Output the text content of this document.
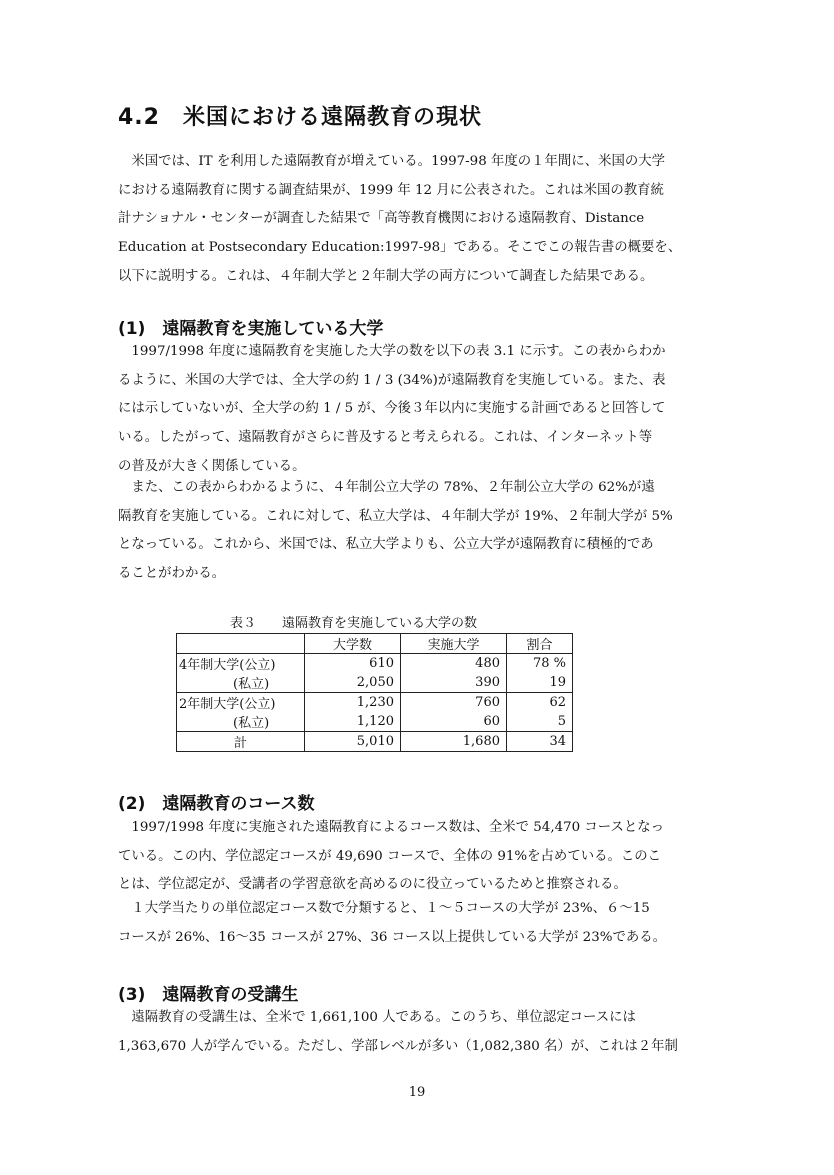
4.2　米国における遠隔教育の現状
　米国では、IT を利用した遠隔教育が増えている。1997-98 年度の１年間に、米国の大学
における遠隔教育に関する調査結果が、1999 年 12 月に公表された。これは米国の教育統
計ナショナル・センターが調査した結果で「高等教育機関における遠隔教育、Distance
Education at Postsecondary Education:1997-98」である。そこでこの報告書の概要を、
以下に説明する。これは、４年制大学と２年制大学の両方について調査した結果である。
(1)　遠隔教育を実施している大学
　1997/1998 年度に遠隔教育を実施した大学の数を以下の表 3.1 に示す。この表からわか
るように、米国の大学では、全大学の約 1 / 3 (34%)が遠隔教育を実施している。また、表
には示していないが、全大学の約 1 / 5 が、今後３年以内に実施する計画であると回答して
いる。したがって、遠隔教育がさらに普及すると考えられる。これは、インターネット等
の普及が大きく関係している。
　また、この表からわかるように、４年制公立大学の 78%、２年制公立大学の 62%が遠
隔教育を実施している。これに対して、私立大学は、４年制大学が 19%、２年制大学が 5%
となっている。これから、米国では、私立大学よりも、公立大学が遠隔教育に積極的であ
ることがわかる。
表３　　遠隔教育を実施している大学の数
	大学数	実施大学	割合
4年制大学(公立)	610	480	78 %
(私立)	2,050	390	19
2年制大学(公立)	1,230	760	62
(私立)	1,120	60	5
計	5,010	1,680	34
(2)　遠隔教育のコース数
　1997/1998 年度に実施された遠隔教育によるコース数は、全米で 54,470 コースとなっ
ている。この内、学位認定コースが 49,690 コースで、全体の 91%を占めている。このこ
とは、学位認定が、受講者の学習意欲を高めるのに役立っているためと推察される。
　１大学当たりの単位認定コース数で分類すると、１～５コースの大学が 23%、６～15
コースが 26%、16～35 コースが 27%、36 コース以上提供している大学が 23%である。
(3)　遠隔教育の受講生
　遠隔教育の受講生は、全米で 1,661,100 人である。このうち、単位認定コースには
1,363,670 人が学んでいる。ただし、学部レベルが多い（1,082,380 名）が、これは２年制
19
